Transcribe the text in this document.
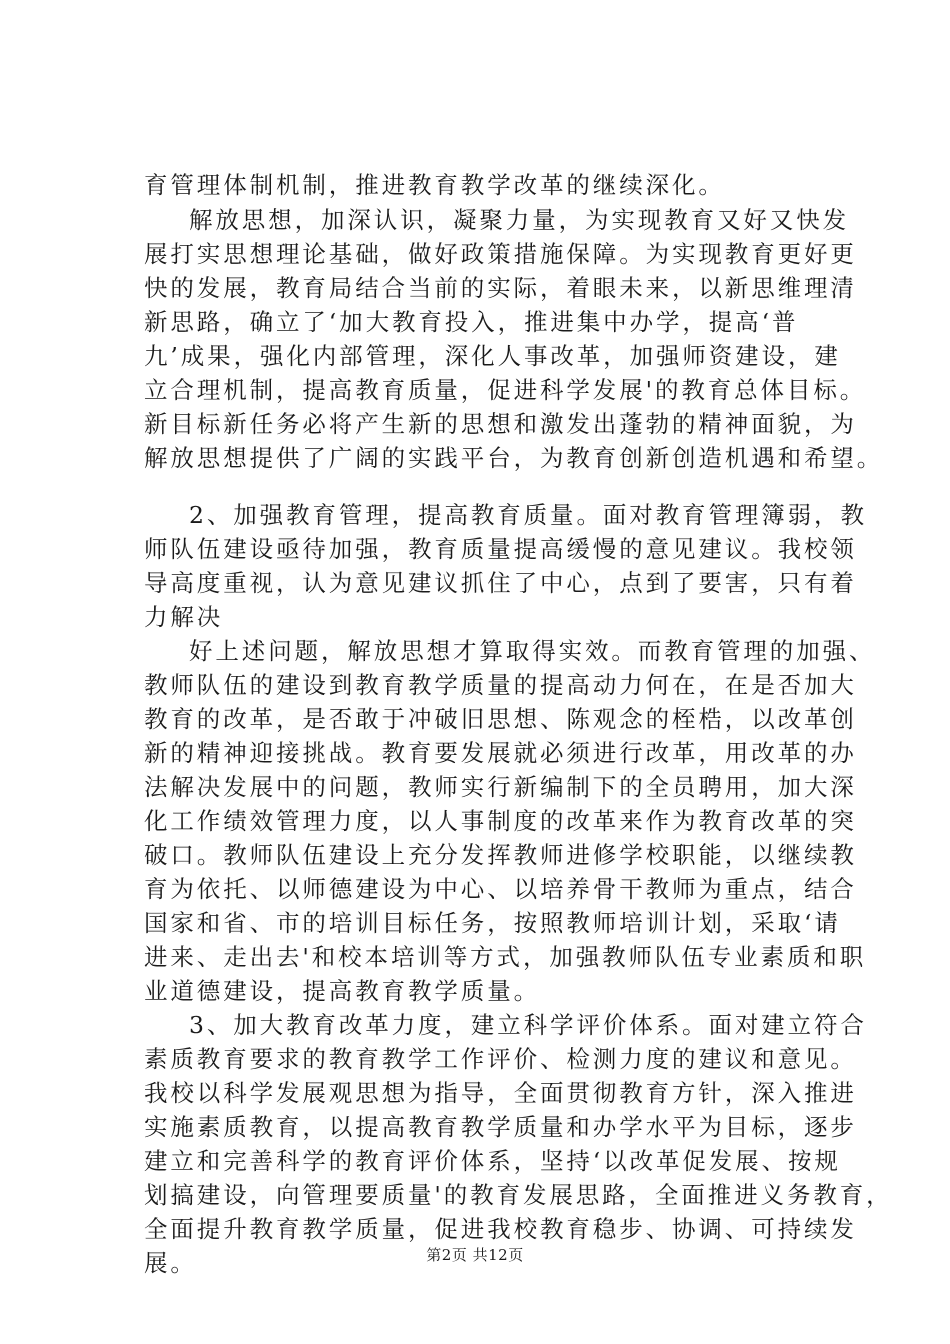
育管理体制机制，推进教育教学改革的继续深化。
解放思想，加深认识，凝聚力量，为实现教育又好又快发
展打实思想理论基础，做好政策措施保障。为实现教育更好更
快的发展，教育局结合当前的实际，着眼未来，以新思维理清
新思路，确立了‘加大教育投入，推进集中办学，提高‘普
九’成果，强化内部管理，深化人事改革，加强师资建设，建
立合理机制，提高教育质量，促进科学发展'的教育总体目标。
新目标新任务必将产生新的思想和激发出蓬勃的精神面貌，为
解放思想提供了广阔的实践平台，为教育创新创造机遇和希望。
2、加强教育管理，提高教育质量。面对教育管理簿弱，教
师队伍建设亟待加强，教育质量提高缓慢的意见建议。我校领
导高度重视，认为意见建议抓住了中心，点到了要害，只有着
力解决
好上述问题，解放思想才算取得实效。而教育管理的加强、
教师队伍的建设到教育教学质量的提高动力何在，在是否加大
教育的改革，是否敢于冲破旧思想、陈观念的桎梏，以改革创
新的精神迎接挑战。教育要发展就必须进行改革，用改革的办
法解决发展中的问题，教师实行新编制下的全员聘用，加大深
化工作绩效管理力度，以人事制度的改革来作为教育改革的突
破口。教师队伍建设上充分发挥教师进修学校职能，以继续教
育为依托、以师德建设为中心、以培养骨干教师为重点，结合
国家和省、市的培训目标任务，按照教师培训计划，采取‘请
进来、走出去'和校本培训等方式，加强教师队伍专业素质和职
业道德建设，提高教育教学质量。
3、加大教育改革力度，建立科学评价体系。面对建立符合
素质教育要求的教育教学工作评价、检测力度的建议和意见。
我校以科学发展观思想为指导，全面贯彻教育方针，深入推进
实施素质教育，以提高教育教学质量和办学水平为目标，逐步
建立和完善科学的教育评价体系，坚持‘以改革促发展、按规
划搞建设，向管理要质量'的教育发展思路，全面推进义务教育，
全面提升教育教学质量，促进我校教育稳步、协调、可持续发
展。	第2页 共12页
